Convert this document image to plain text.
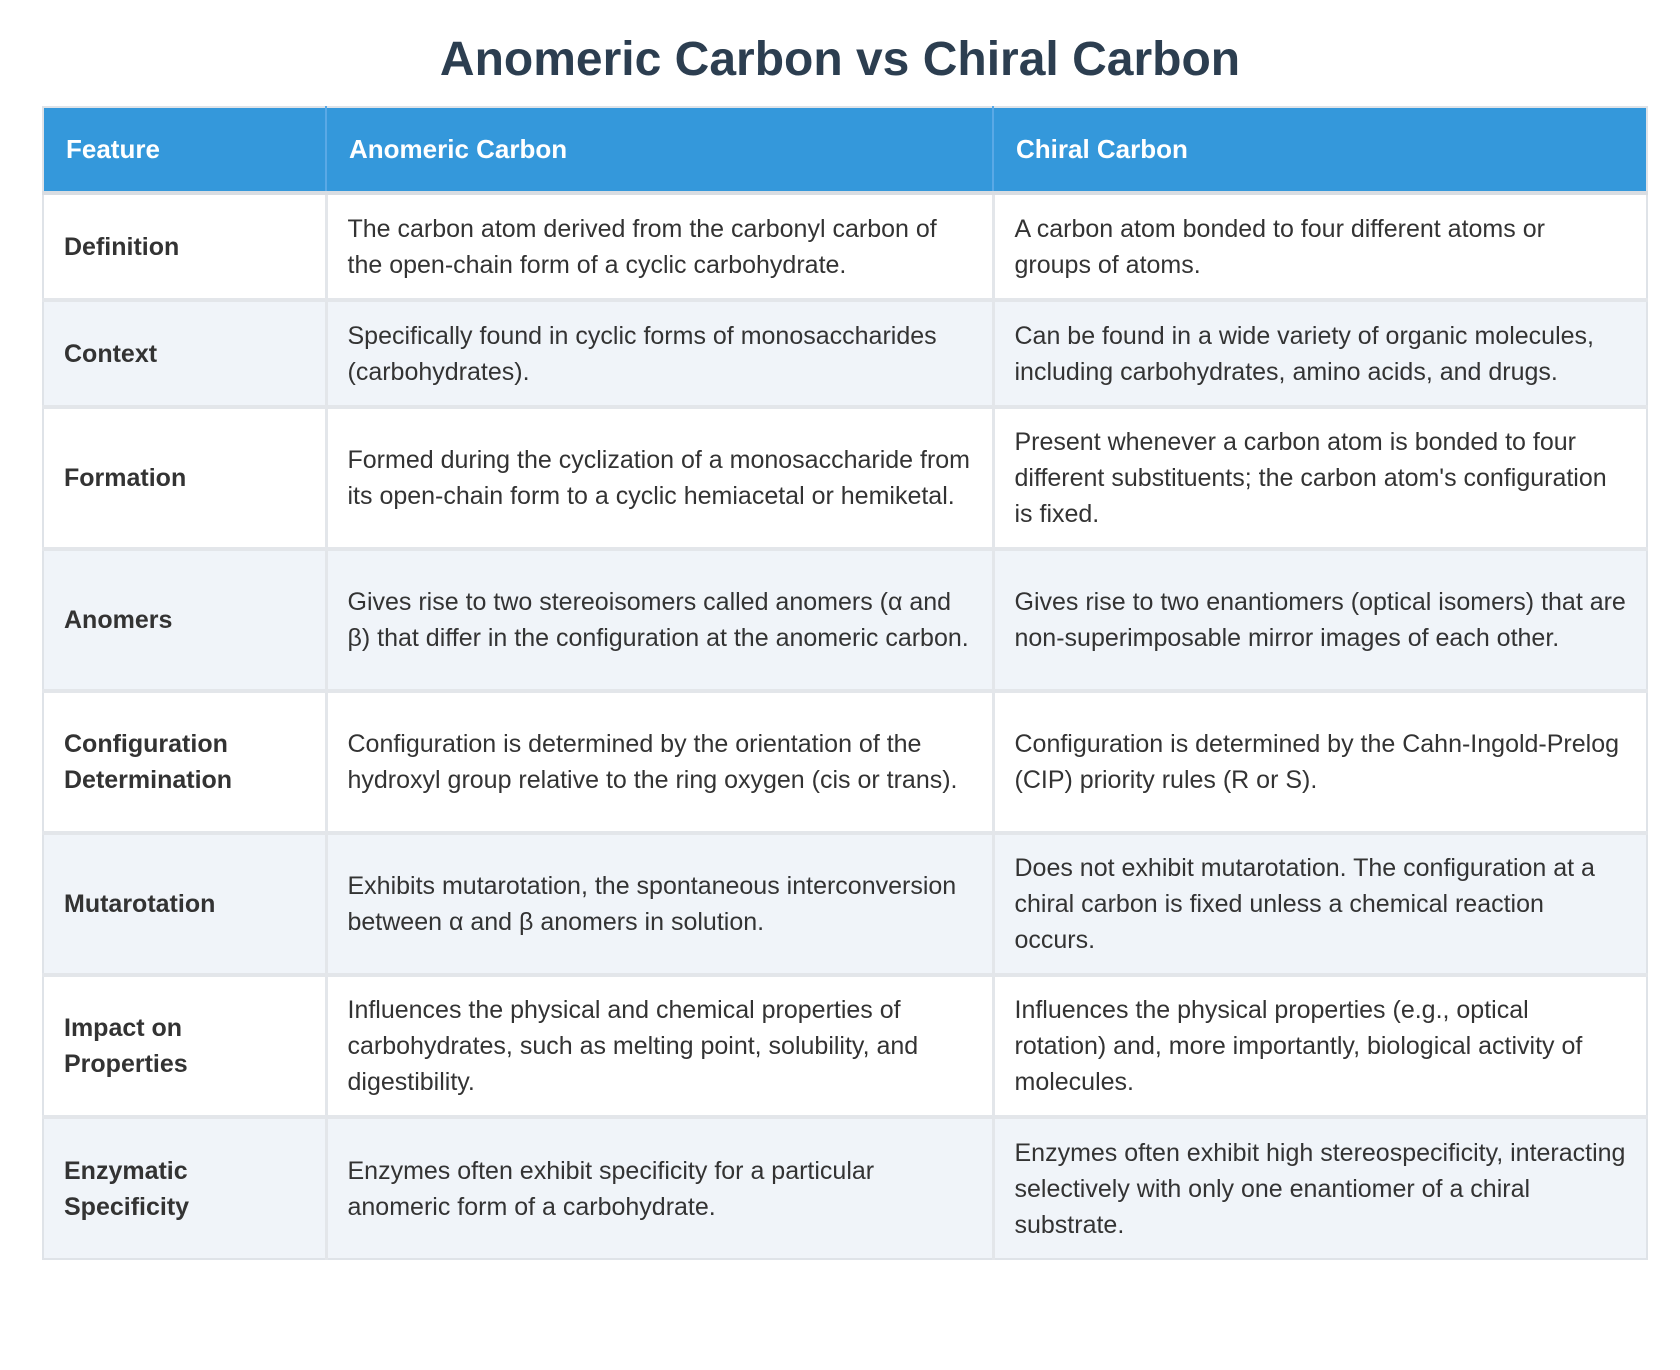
Anomeric Carbon vs Chiral Carbon
Feature	Anomeric Carbon	Chiral Carbon
Definition	The carbon atom derived from the carbonyl carbon of the open-chain form of a cyclic carbohydrate.	A carbon atom bonded to four different atoms or groups of atoms.
Context	Specifically found in cyclic forms of monosaccharides (carbohydrates).	Can be found in a wide variety of organic molecules, including carbohydrates, amino acids, and drugs.
Formation	Formed during the cyclization of a monosaccharide from its open-chain form to a cyclic hemiacetal or hemiketal.	Present whenever a carbon atom is bonded to four different substituents; the carbon atom's configuration is fixed.
Anomers	Gives rise to two stereoisomers called anomers (α and β) that differ in the configuration at the anomeric carbon.	Gives rise to two enantiomers (optical isomers) that are non-superimposable mirror images of each other.
Configuration Determination	Configuration is determined by the orientation of the hydroxyl group relative to the ring oxygen (cis or trans).	Configuration is determined by the Cahn-Ingold-Prelog (CIP) priority rules (R or S).
Mutarotation	Exhibits mutarotation, the spontaneous interconversion between α and β anomers in solution.	Does not exhibit mutarotation. The configuration at a chiral carbon is fixed unless a chemical reaction occurs.
Impact on Properties	Influences the physical and chemical properties of carbohydrates, such as melting point, solubility, and digestibility.	Influences the physical properties (e.g., optical rotation) and, more importantly, biological activity of molecules.
Enzymatic Specificity	Enzymes often exhibit specificity for a particular anomeric form of a carbohydrate.	Enzymes often exhibit high stereospecificity, interacting selectively with only one enantiomer of a chiral substrate.
